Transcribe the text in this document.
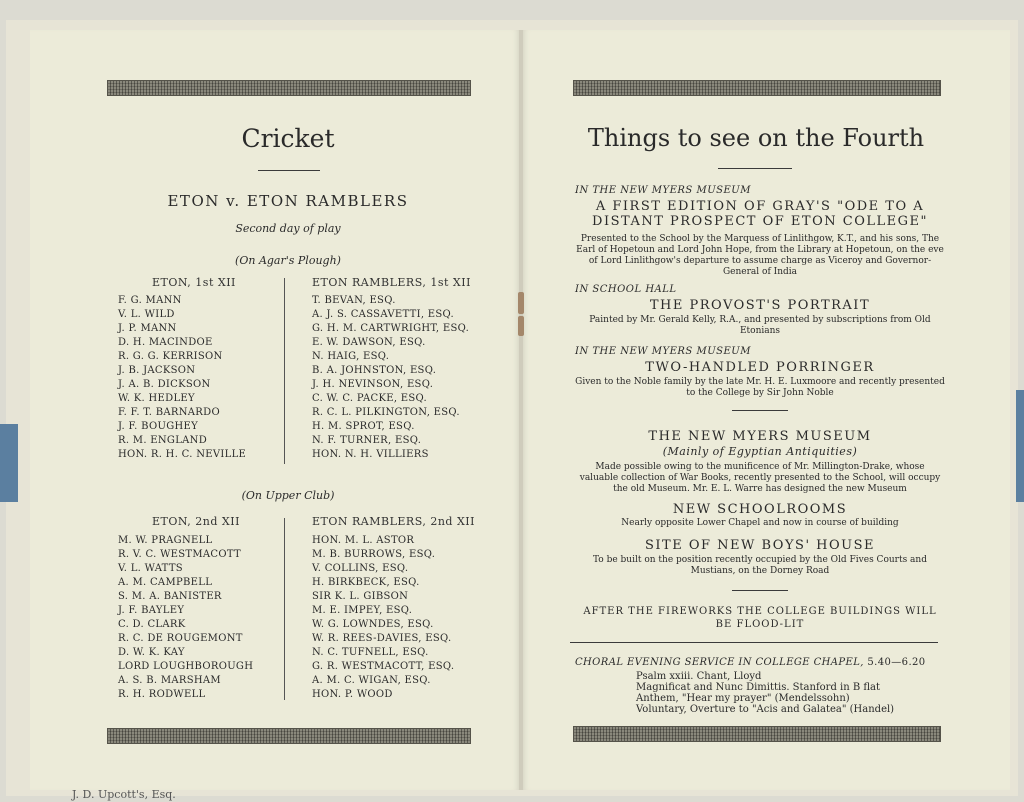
Cricket
ETON v. ETON RAMBLERS
Second day of play
(On Agar's Plough)
ETON, 1st XII	ETON RAMBLERS, 1st XII
F. G. MANN
V. L. WILD
J. P. MANN
D. H. MACINDOE
R. G. G. KERRISON
J. B. JACKSON
J. A. B. DICKSON
W. K. HEDLEY
F. F. T. BARNARDO
J. F. BOUGHEY
R. M. ENGLAND
HON. R. H. C. NEVILLE
T. BEVAN, ESQ.
A. J. S. CASSAVETTI, ESQ.
G. H. M. CARTWRIGHT, ESQ.
E. W. DAWSON, ESQ.
N. HAIG, ESQ.
B. A. JOHNSTON, ESQ.
J. H. NEVINSON, ESQ.
C. W. C. PACKE, ESQ.
R. C. L. PILKINGTON, ESQ.
H. M. SPROT, ESQ.
N. F. TURNER, ESQ.
HON. N. H. VILLIERS
(On Upper Club)
ETON, 2nd XII	ETON RAMBLERS, 2nd XII
M. W. PRAGNELL
R. V. C. WESTMACOTT
V. L. WATTS
A. M. CAMPBELL
S. M. A. BANISTER
J. F. BAYLEY
C. D. CLARK
R. C. DE ROUGEMONT
D. W. K. KAY
LORD LOUGHBOROUGH
A. S. B. MARSHAM
R. H. RODWELL
HON. M. L. ASTOR
M. B. BURROWS, ESQ.
V. COLLINS, ESQ.
H. BIRKBECK, ESQ.
SIR K. L. GIBSON
M. E. IMPEY, ESQ.
W. G. LOWNDES, ESQ.
W. R. REES-DAVIES, ESQ.
N. C. TUFNELL, ESQ.
G. R. WESTMACOTT, ESQ.
A. M. C. WIGAN, ESQ.
HON. P. WOOD
J. D. Upcott's, Esq.
Things to see on the Fourth
IN THE NEW MYERS MUSEUM
A FIRST EDITION OF GRAY'S "ODE TO A DISTANT PROSPECT OF ETON COLLEGE"
Presented to the School by the Marquess of Linlithgow, K.T., and his sons, The Earl of Hopetoun and Lord John Hope, from the Library at Hopetoun, on the eve of Lord Linlithgow's departure to assume charge as Viceroy and Governor-General of India
IN SCHOOL HALL
THE PROVOST'S PORTRAIT
Painted by Mr. Gerald Kelly, R.A., and presented by subscriptions from Old Etonians
IN THE NEW MYERS MUSEUM
TWO-HANDLED PORRINGER
Given to the Noble family by the late Mr. H. E. Luxmoore and recently presented to the College by Sir John Noble
THE NEW MYERS MUSEUM
(Mainly of Egyptian Antiquities)
Made possible owing to the munificence of Mr. Millington-Drake, whose valuable collection of War Books, recently presented to the School, will occupy the old Museum. Mr. E. L. Warre has designed the new Museum
NEW SCHOOLROOMS
Nearly opposite Lower Chapel and now in course of building
SITE OF NEW BOYS' HOUSE
To be built on the position recently occupied by the Old Fives Courts and Mustians, on the Dorney Road
AFTER THE FIREWORKS THE COLLEGE BUILDINGS WILL BE FLOOD-LIT
CHORAL EVENING SERVICE IN COLLEGE CHAPEL, 5.40—6.20
Psalm xxiii. Chant, Lloyd
Magnificat and Nunc Dimittis. Stanford in B flat
Anthem, "Hear my prayer" (Mendelssohn)
Voluntary, Overture to "Acis and Galatea" (Handel)
